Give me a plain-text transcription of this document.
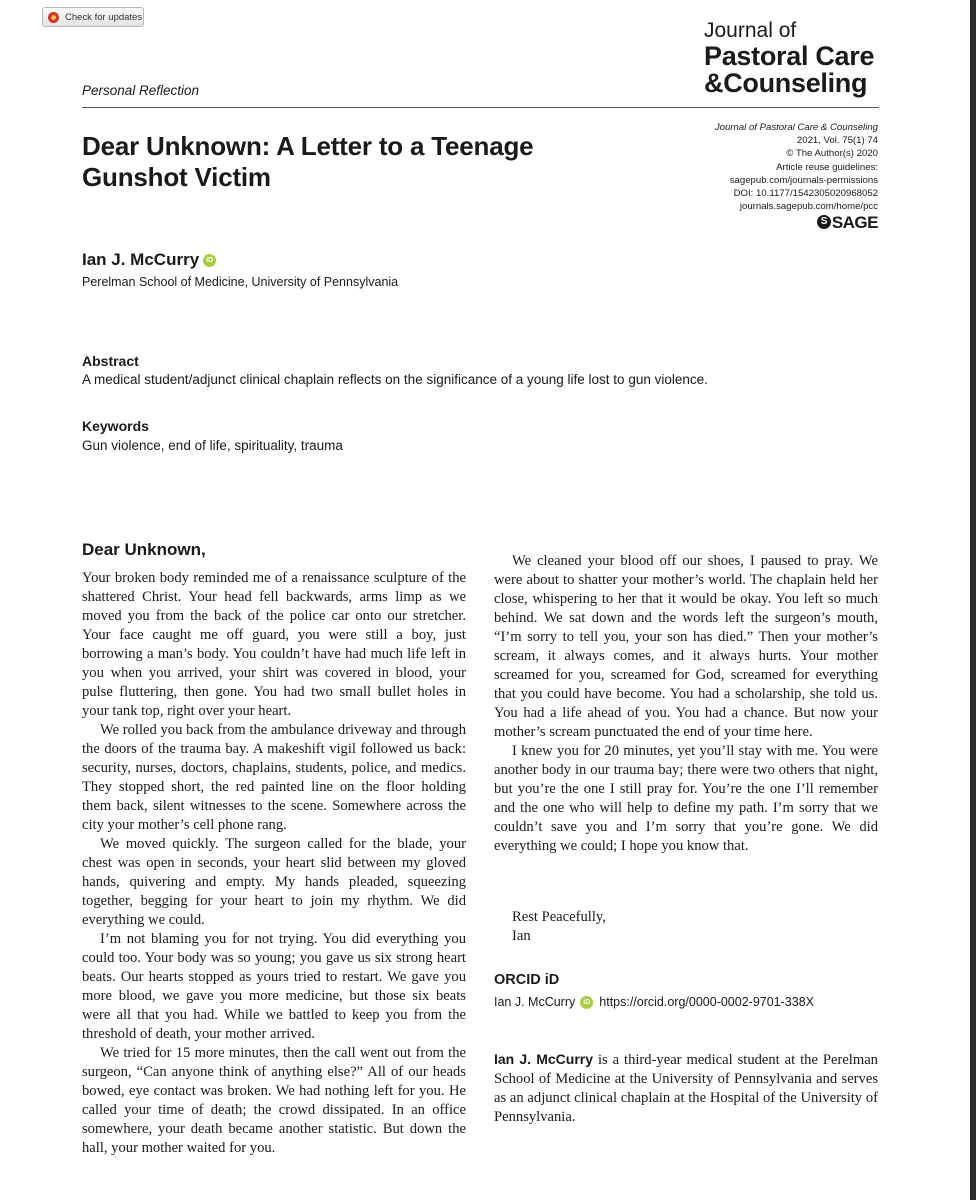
Check for updates
Journal of
Pastoral Care
&Counseling
Personal Reflection
Dear Unknown: A Letter to a Teenage Gunshot Victim
Journal of Pastoral Care & Counseling
2021, Vol. 75(1) 74
© The Author(s) 2020
Article reuse guidelines:
sagepub.com/journals-permissions
DOI: 10.1177/1542305020968052
journals.sagepub.com/home/pcc
S SAGE
Ian J. McCurry	iD
Perelman School of Medicine, University of Pennsylvania
Abstract
A medical student/adjunct clinical chaplain reflects on the significance of a young life lost to gun violence.
Keywords
Gun violence, end of life, spirituality, trauma
Dear Unknown,

Your broken body reminded me of a renaissance sculpture of the shattered Christ. Your head fell backwards, arms limp as we moved you from the back of the police car onto our stretcher. Your face caught me off guard, you were still a boy, just borrowing a man’s body. You couldn’t have had much life left in you when you arrived, your shirt was covered in blood, your pulse fluttering, then gone. You had two small bullet holes in your tank top, right over your heart.

We rolled you back from the ambulance driveway and through the doors of the trauma bay. A makeshift vigil followed us back: security, nurses, doctors, chaplains, students, police, and medics. They stopped short, the red painted line on the floor holding them back, silent witnesses to the scene. Somewhere across the city your mother’s cell phone rang.

We moved quickly. The surgeon called for the blade, your chest was open in seconds, your heart slid between my gloved hands, quivering and empty. My hands pleaded, squeezing together, begging for your heart to join my rhythm. We did everything we could.

I’m not blaming you for not trying. You did everything you could too. Your body was so young; you gave us six strong heart beats. Our hearts stopped as yours tried to restart. We gave you more blood, we gave you more medicine, but those six beats were all that you had. While we battled to keep you from the threshold of death, your mother arrived.

We tried for 15 more minutes, then the call went out from the surgeon, “Can anyone think of anything else?” All of our heads bowed, eye contact was broken. We had nothing left for you. He called your time of death; the crowd dissipated. In an office somewhere, your death became another statistic. But down the hall, your mother waited for you.

We cleaned your blood off our shoes, I paused to pray. We were about to shatter your mother’s world. The chaplain held her close, whispering to her that it would be okay. You left so much behind. We sat down and the words left the surgeon’s mouth, “I’m sorry to tell you, your son has died.” Then your mother’s scream, it always comes, and it always hurts. Your mother screamed for you, screamed for God, screamed for everything that you could have become. You had a scholarship, she told us. You had a life ahead of you. You had a chance. But now your mother’s scream punctuated the end of your time here.

I knew you for 20 minutes, yet you’ll stay with me. You were another body in our trauma bay; there were two others that night, but you’re the one I still pray for. You’re the one I’ll remember and the one who will help to define my path. I’m sorry that we couldn’t save you and I’m sorry that you’re gone. We did everything we could; I hope you know that.

Rest Peacefully,
Ian
ORCID iD
Ian J. McCurry	iD https://orcid.org/0000-0002-9701-338X

Ian J. McCurry is a third-year medical student at the Perelman School of Medicine at the University of Pennsylvania and serves as an adjunct clinical chaplain at the Hospital of the University of Pennsylvania.
